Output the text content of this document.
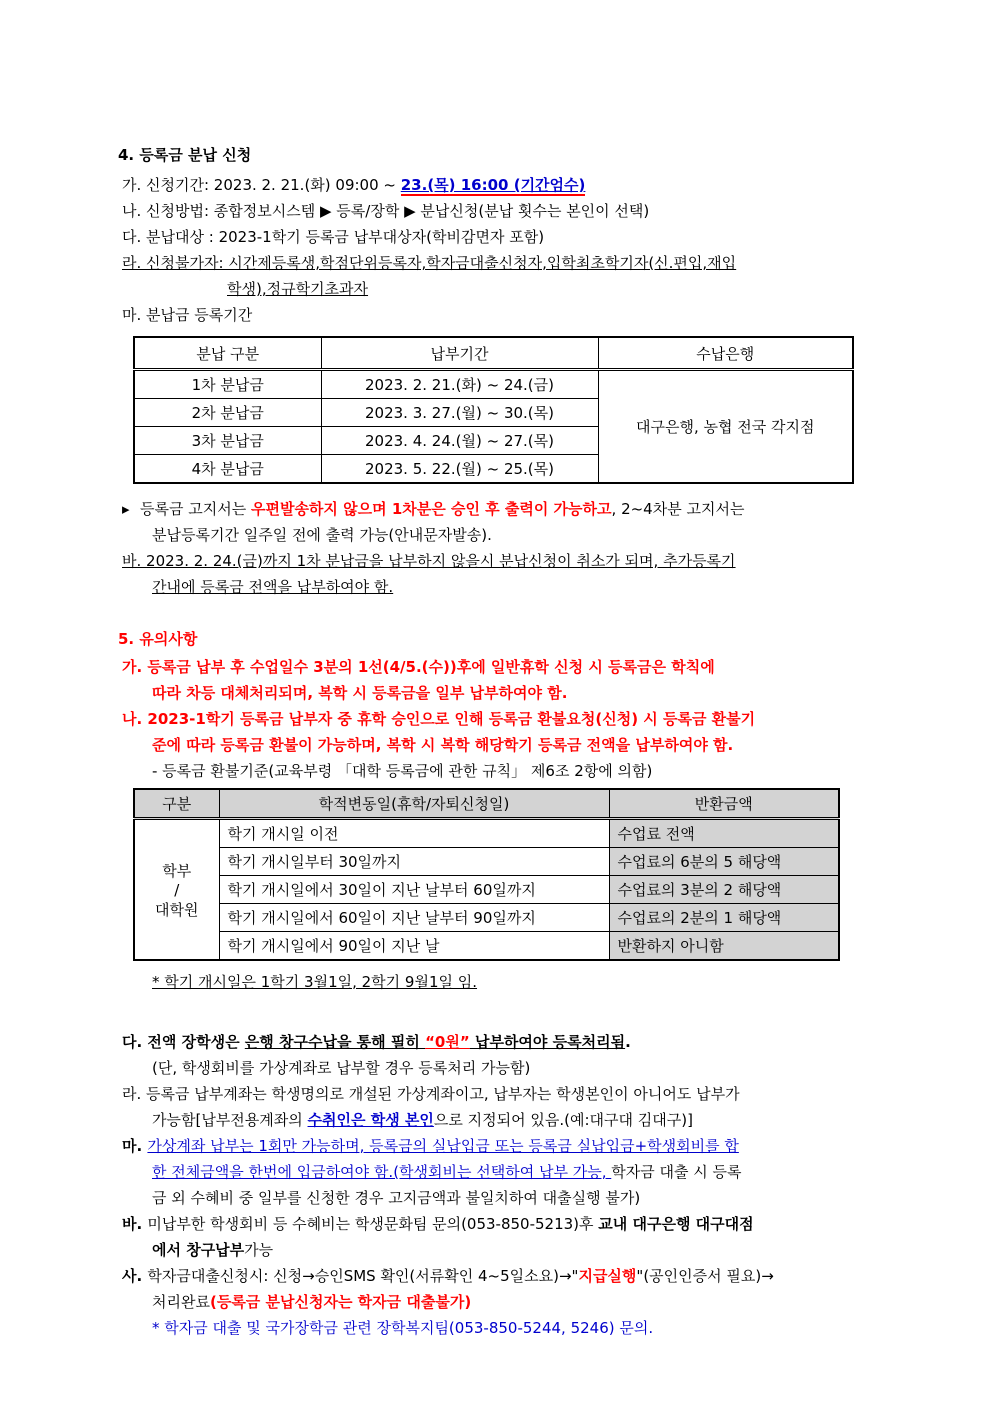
4. 등록금 분납 신청
가. 신청기간: 2023. 2. 21.(화) 09:00 ~ 23.(목) 16:00 (기간엄수)
나. 신청방법: 종합정보시스템 ▶ 등록/장학 ▶ 분납신청(분납 횟수는 본인이 선택)
다. 분납대상 : 2023-1학기 등록금 납부대상자(학비감면자 포함)
라. 신청불가자: 시간제등록생,학점단위등록자,학자금대출신청자,입학최초학기자(신.편입,재입
학생),정규학기초과자
마. 분납금 등록기간
분납 구분	납부기간	수납은행
1차 분납금	2023. 2. 21.(화) ~ 24.(금)	대구은행, 농협 전국 각지점
2차 분납금	2023. 3. 27.(월) ~ 30.(목)	
3차 분납금	2023. 4. 24.(월) ~ 27.(목)	
4차 분납금	2023. 5. 22.(월) ~ 25.(목)	
▸ 등록금 고지서는 우편발송하지 않으며 1차분은 승인 후 출력이 가능하고, 2~4차분 고지서는
분납등록기간 일주일 전에 출력 가능(안내문자발송).
바. 2023. 2. 24.(금)까지 1차 분납금을 납부하지 않을시 분납신청이 취소가 되며, 추가등록기
간내에 등록금 전액을 납부하여야 함.
5. 유의사항
가. 등록금 납부 후 수업일수 3분의 1선(4/5.(수))후에 일반휴학 신청 시 등록금은 학칙에
따라 차등 대체처리되며, 복학 시 등록금을 일부 납부하여야 함.
나. 2023-1학기 등록금 납부자 중 휴학 승인으로 인해 등록금 환불요청(신청) 시 등록금 환불기
준에 따라 등록금 환불이 가능하며, 복학 시 복학 해당학기 등록금 전액을 납부하여야 함.
- 등록금 환불기준(교육부령 「대학 등록금에 관한 규칙」 제6조 2항에 의함)
구분	학적변동일(휴학/자퇴신청일)	반환금액

학부
/
대학원	학기 개시일 이전	수업료 전액
	학기 개시일부터 30일까지	수업료의 6분의 5 해당액
	학기 개시일에서 30일이 지난 날부터 60일까지	수업료의 3분의 2 해당액
	학기 개시일에서 60일이 지난 날부터 90일까지	수업료의 2분의 1 해당액
	학기 개시일에서 90일이 지난 날	반환하지 아니함
* 학기 개시일은 1학기 3월1일, 2학기 9월1일 임.
다. 전액 장학생은 은행 창구수납을 통해 필히 “0원” 납부하여야 등록처리됨.
(단, 학생회비를 가상계좌로 납부할 경우 등록처리 가능함)
라. 등록금 납부계좌는 학생명의로 개설된 가상계좌이고, 납부자는 학생본인이 아니어도 납부가
가능함[납부전용계좌의 수취인은 학생 본인으로 지정되어 있음.(예:대구대 김대구)]
마. 가상계좌 납부는 1회만 가능하며, 등록금의 실납입금 또는 등록금 실납입금+학생회비를 합
한 전체금액을 한번에 입금하여야 함.(학생회비는 선택하여 납부 가능, 학자금 대출 시 등록
금 외 수혜비 중 일부를 신청한 경우 고지금액과 불일치하여 대출실행 불가)
바. 미납부한 학생회비 등 수혜비는 학생문화팀 문의(053-850-5213)후 교내 대구은행 대구대점
에서 창구납부가능
사. 학자금대출신청시: 신청→승인SMS 확인(서류확인 4~5일소요)→"지급실행"(공인인증서 필요)→
처리완료(등록금 분납신청자는 학자금 대출불가)
* 학자금 대출 및 국가장학금 관련 장학복지팀(053-850-5244, 5246) 문의.
